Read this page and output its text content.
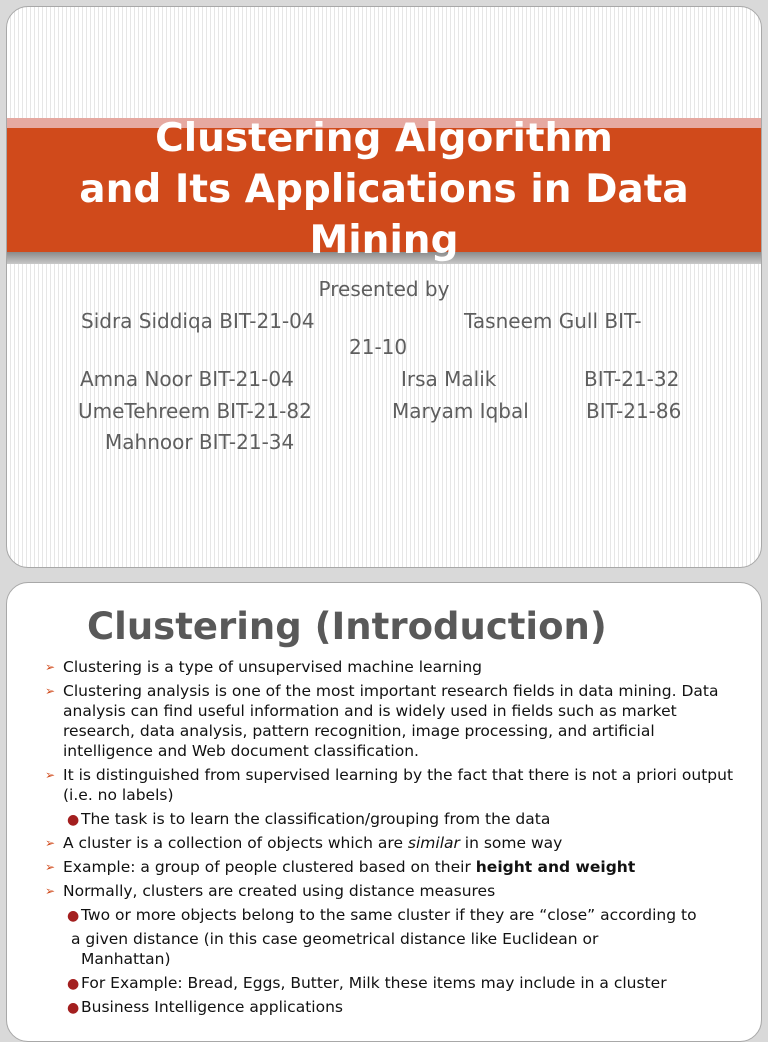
Clustering Algorithm
and Its Applications in Data
Mining
Presented by
Sidra Siddiqa BIT-21-04	Tasneem Gull BIT-
21-10
Amna Noor BIT-21-04	Irsa Malik	BIT-21-32
UmeTehreem BIT-21-82	Maryam Iqbal	BIT-21-86
Mahnoor BIT-21-34
Clustering (Introduction)
➢ Clustering is a type of unsupervised machine learning
➢ Clustering analysis is one of the most important research fields in data mining. Data analysis can find useful information and is widely used in fields such as market research, data analysis, pattern recognition, image processing, and artificial intelligence and Web document classification.
➢ It is distinguished from supervised learning by the fact that there is not a priori output (i.e. no labels)
● The task is to learn the classification/grouping from the data
➢ A cluster is a collection of objects which are similar in some way
➢ Example: a group of people clustered based on their height and weight
➢ Normally, clusters are created using distance measures
● Two or more objects belong to the same cluster if they are “close” according to
a given distance (in this case geometrical distance like Euclidean or
Manhattan)
● For Example: Bread, Eggs, Butter, Milk these items may include in a cluster
● Business Intelligence applications
